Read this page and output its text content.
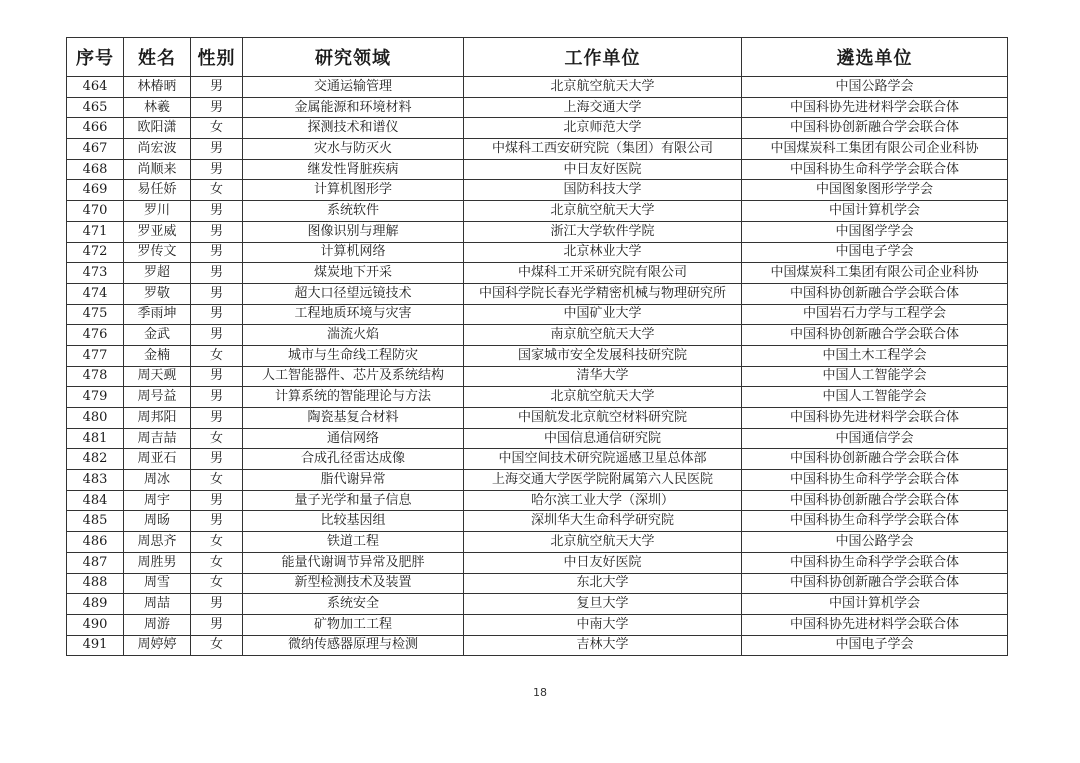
序号	姓名	性别	研究领域	工作单位	遴选单位
464	林椿昞	男	交通运输管理	北京航空航天大学	中国公路学会
465	林羲	男	金属能源和环境材料	上海交通大学	中国科协先进材料学会联合体
466	欧阳潇	女	探测技术和谱仪	北京师范大学	中国科协创新融合学会联合体
467	尚宏波	男	灾水与防灭火	中煤科工西安研究院（集团）有限公司	中国煤炭科工集团有限公司企业科协
468	尚顺来	男	继发性肾脏疾病	中日友好医院	中国科协生命科学学会联合体
469	易任娇	女	计算机图形学	国防科技大学	中国图象图形学学会
470	罗川	男	系统软件	北京航空航天大学	中国计算机学会
471	罗亚威	男	图像识别与理解	浙江大学软件学院	中国图学学会
472	罗传文	男	计算机网络	北京林业大学	中国电子学会
473	罗超	男	煤炭地下开采	中煤科工开采研究院有限公司	中国煤炭科工集团有限公司企业科协
474	罗敬	男	超大口径望远镜技术	中国科学院长春光学精密机械与物理研究所	中国科协创新融合学会联合体
475	季雨坤	男	工程地质环境与灾害	中国矿业大学	中国岩石力学与工程学会
476	金武	男	湍流火焰	南京航空航天大学	中国科协创新融合学会联合体
477	金楠	女	城市与生命线工程防灾	国家城市安全发展科技研究院	中国土木工程学会
478	周天觋	男	人工智能器件、芯片及系统结构	清华大学	中国人工智能学会
479	周号益	男	计算系统的智能理论与方法	北京航空航天大学	中国人工智能学会
480	周邦阳	男	陶瓷基复合材料	中国航发北京航空材料研究院	中国科协先进材料学会联合体
481	周吉喆	女	通信网络	中国信息通信研究院	中国通信学会
482	周亚石	男	合成孔径雷达成像	中国空间技术研究院遥感卫星总体部	中国科协创新融合学会联合体
483	周冰	女	脂代谢异常	上海交通大学医学院附属第六人民医院	中国科协生命科学学会联合体
484	周宇	男	量子光学和量子信息	哈尔滨工业大学（深圳）	中国科协创新融合学会联合体
485	周旸	男	比较基因组	深圳华大生命科学研究院	中国科协生命科学学会联合体
486	周思齐	女	铁道工程	北京航空航天大学	中国公路学会
487	周胜男	女	能量代谢调节异常及肥胖	中日友好医院	中国科协生命科学学会联合体
488	周雪	女	新型检测技术及装置	东北大学	中国科协创新融合学会联合体
489	周喆	男	系统安全	复旦大学	中国计算机学会
490	周游	男	矿物加工工程	中南大学	中国科协先进材料学会联合体
491	周婷婷	女	微纳传感器原理与检测	吉林大学	中国电子学会
18
